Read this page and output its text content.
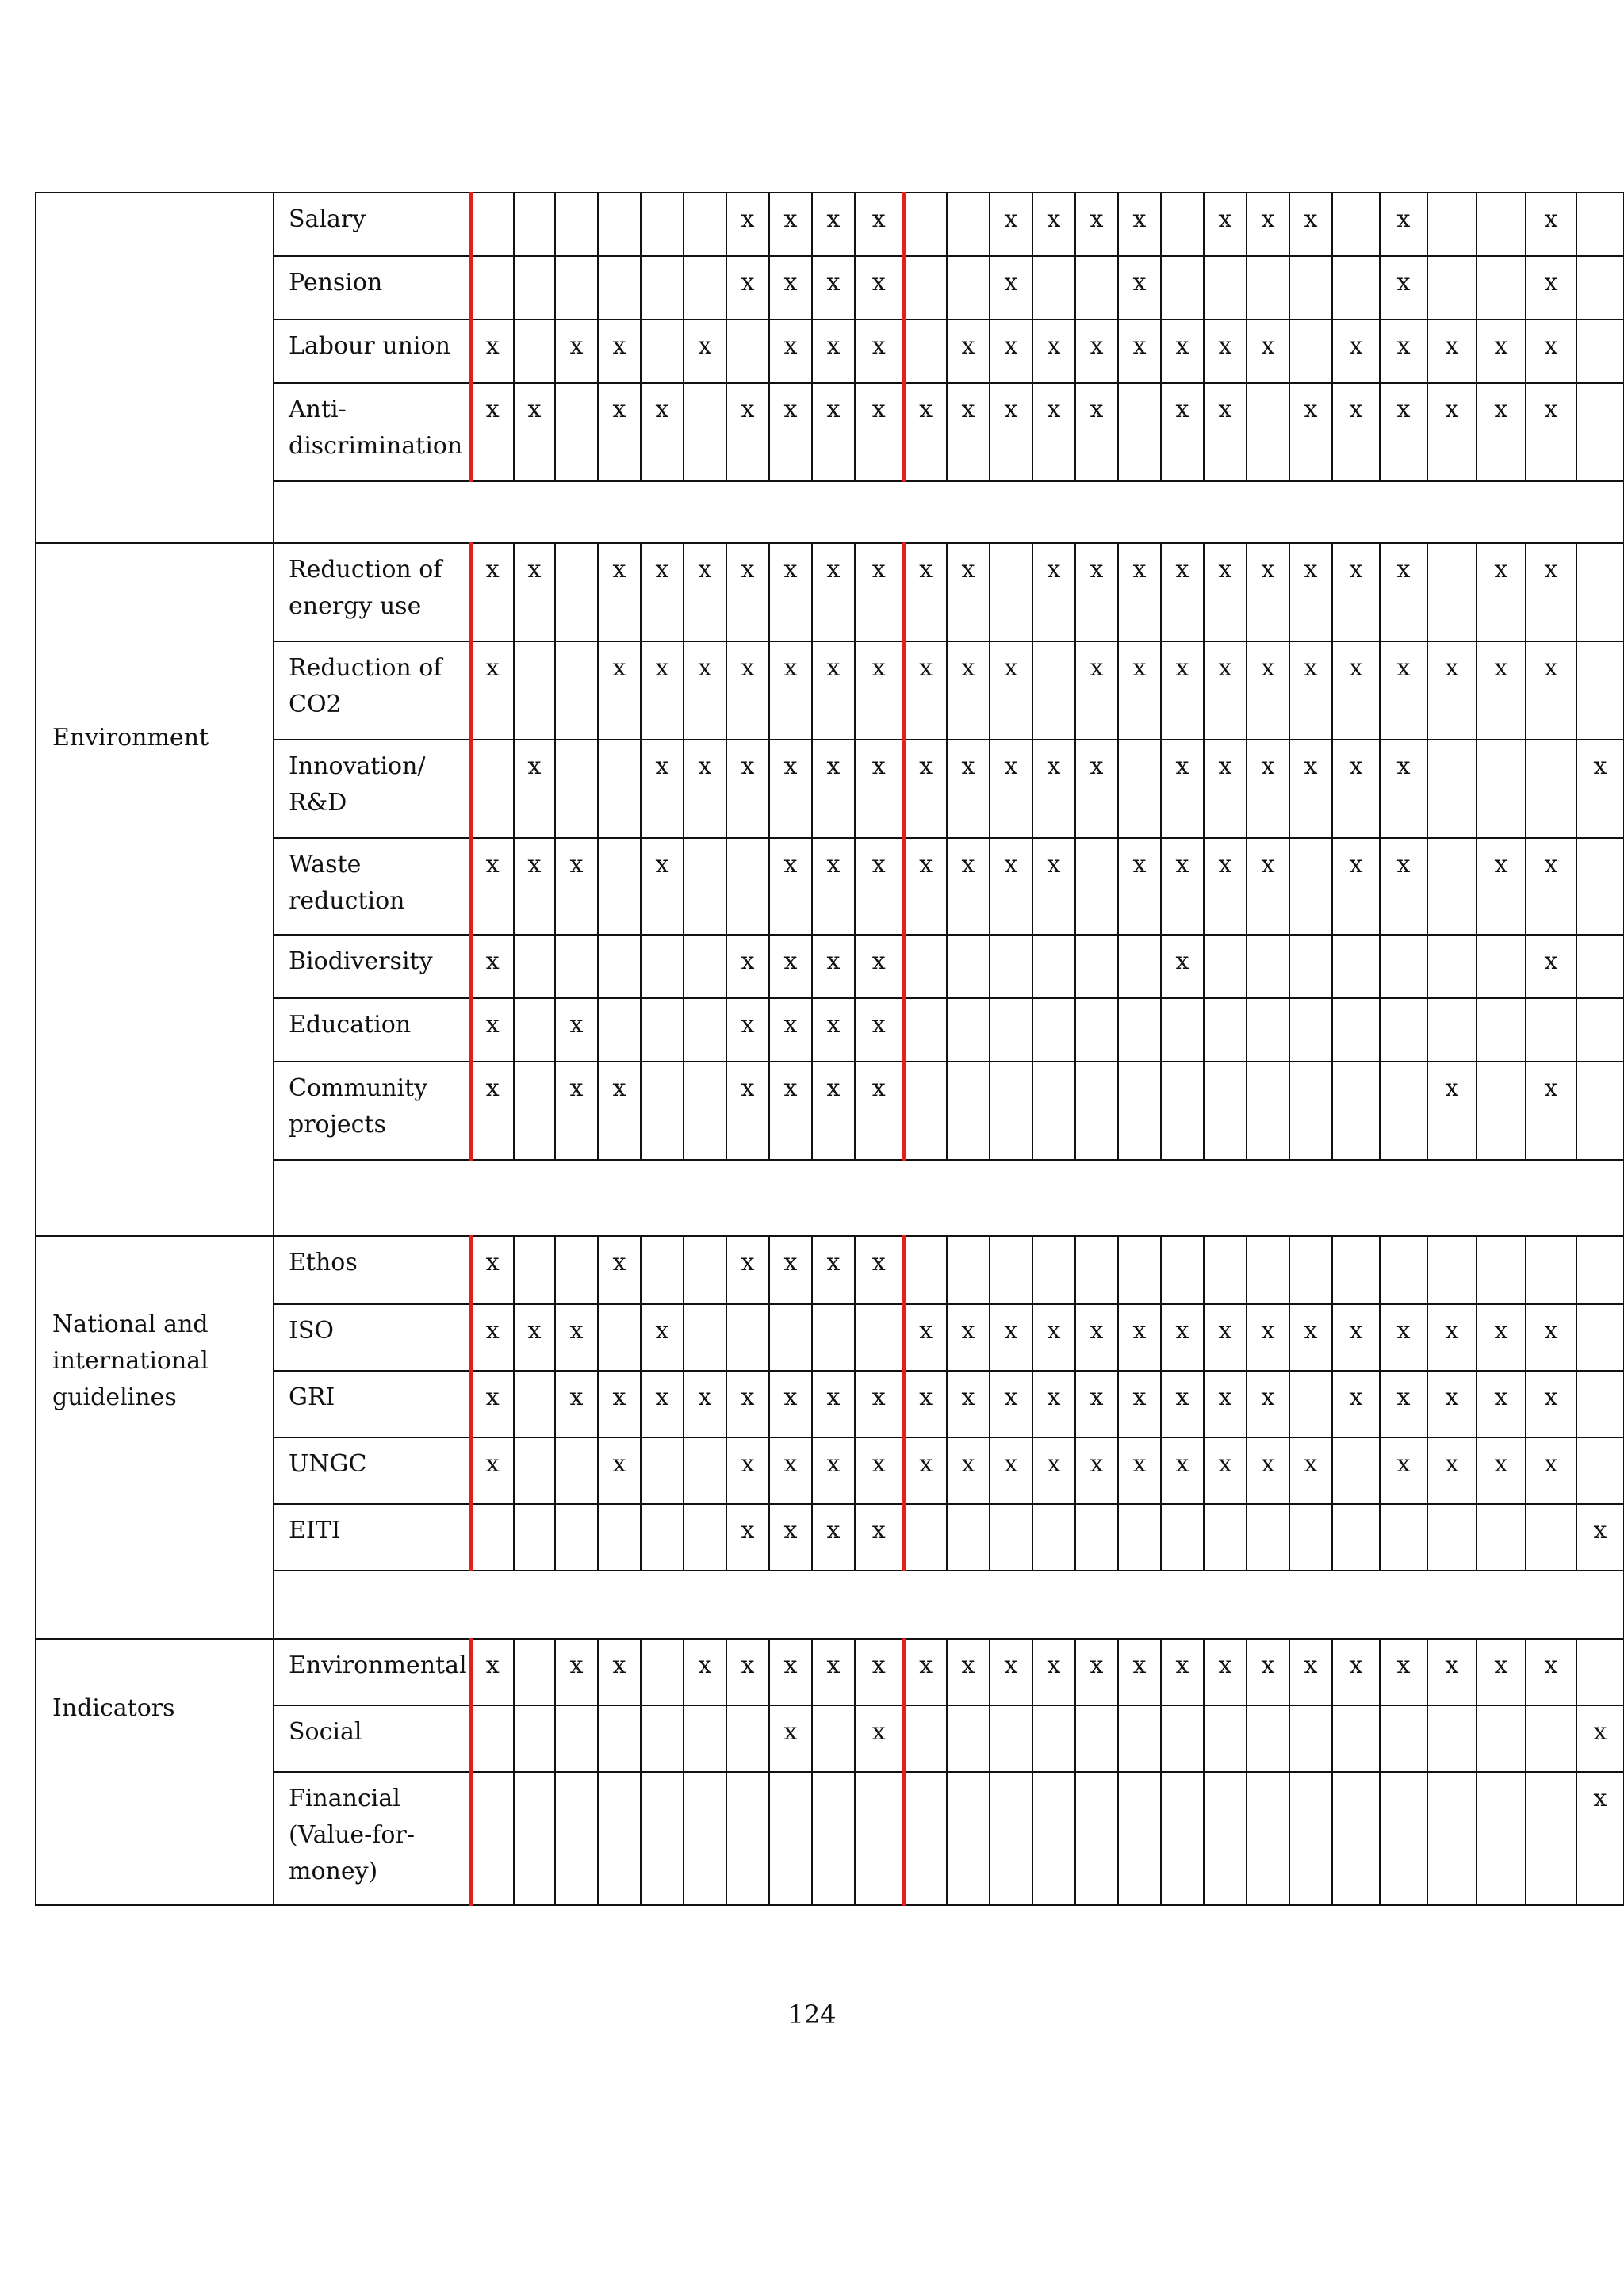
	Salary							x	x	x	x			x	x	x	x		x	x	x		x			x	
	Pension							x	x	x	x			x			x						x			x	
	Labour union	x		x	x		x		x	x	x		x	x	x	x	x	x	x	x		x	x	x	x	x	
	Anti-
discrimination	x	x		x	x		x	x	x	x	x	x	x	x	x		x	x		x	x	x	x	x	x	

Environment	Reduction of
energy use	x	x		x	x	x	x	x	x	x	x	x		x	x	x	x	x	x	x	x	x		x	x	
	Reduction of
CO2	x			x	x	x	x	x	x	x	x	x	x		x	x	x	x	x	x	x	x	x	x	x	
	Innovation/
R&D		x			x	x	x	x	x	x	x	x	x	x	x		x	x	x	x	x	x				x
	Waste
reduction	x	x	x		x			x	x	x	x	x	x	x		x	x	x	x		x	x		x	x	
	Biodiversity	x						x	x	x	x							x								x	
	Education	x		x				x	x	x	x																
	Community
projects	x		x	x			x	x	x	x													x		x	

National and international guidelines	Ethos	x			x			x	x	x	x																
	ISO	x	x	x		x						x	x	x	x	x	x	x	x	x	x	x	x	x	x	x	
	GRI	x		x	x	x	x	x	x	x	x	x	x	x	x	x	x	x	x	x		x	x	x	x	x	
	UNGC	x			x			x	x	x	x	x	x	x	x	x	x	x	x	x	x		x	x	x	x	
	EITI							x	x	x	x																x

Indicators	Environmental	x		x	x		x	x	x	x	x	x	x	x	x	x	x	x	x	x	x	x	x	x	x	x	
	Social								x		x																x
	Financial
(Value-for-
money)																										x
124
